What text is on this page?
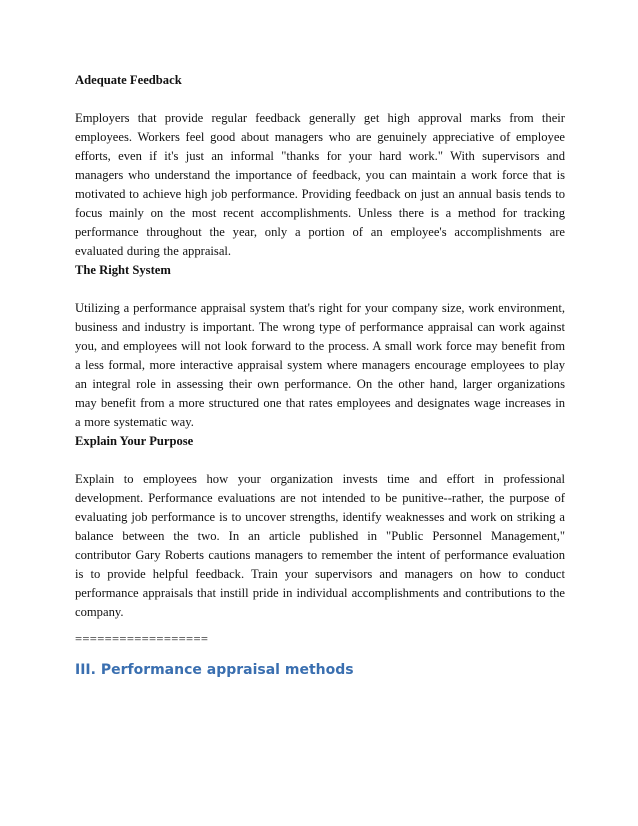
Adequate Feedback

Employers that provide regular feedback generally get high approval marks from their employees. Workers feel good about managers who are genuinely appreciative of employee efforts, even if it's just an informal "thanks for your hard work." With supervisors and managers who understand the importance of feedback, you can maintain a work force that is motivated to achieve high job performance. Providing feedback on just an annual basis tends to focus mainly on the most recent accomplishments. Unless there is a method for tracking performance throughout the year, only a portion of an employee's accomplishments are evaluated during the appraisal.

The Right System

Utilizing a performance appraisal system that's right for your company size, work environment, business and industry is important. The wrong type of performance appraisal can work against you, and employees will not look forward to the process. A small work force may benefit from a less formal, more interactive appraisal system where managers encourage employees to play an integral role in assessing their own performance. On the other hand, larger organizations may benefit from a more structured one that rates employees and designates wage increases in a more systematic way.

Explain Your Purpose

Explain to employees how your organization invests time and effort in professional development. Performance evaluations are not intended to be punitive--rather, the purpose of evaluating job performance is to uncover strengths, identify weaknesses and work on striking a balance between the two. In an article published in "Public Personnel Management," contributor Gary Roberts cautions managers to remember the intent of performance evaluation is to provide helpful feedback. Train your supervisors and managers on how to conduct performance appraisals that instill pride in individual accomplishments and contributions to the company.

==================
III. Performance appraisal methods
